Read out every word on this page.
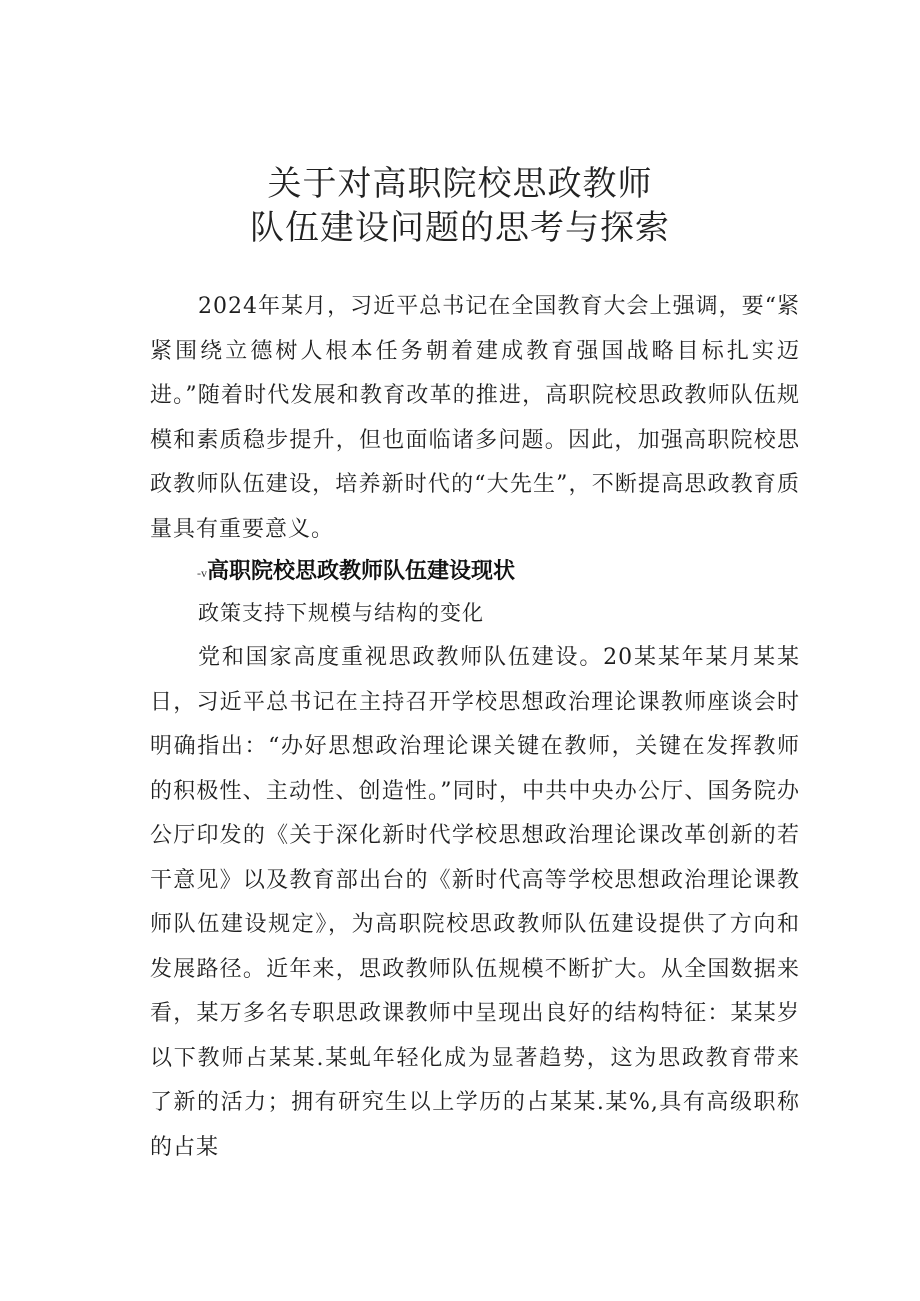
关于对高职院校思政教师
队伍建设问题的思考与探索

2024年某月，习近平总书记在全国教育大会上强调，要“紧紧围绕立德树人根本任务朝着建成教育强国战略目标扎实迈进。”随着时代发展和教育改革的推进，高职院校思政教师队伍规模和素质稳步提升，但也面临诸多问题。因此，加强高职院校思政教师队伍建设，培养新时代的“大先生”，不断提高思政教育质量具有重要意义。

-v高职院校思政教师队伍建设现状
政策支持下规模与结构的变化

党和国家高度重视思政教师队伍建设。20某某年某月某某日，习近平总书记在主持召开学校思想政治理论课教师座谈会时明确指出：“办好思想政治理论课关键在教师，关键在发挥教师的积极性、主动性、创造性。”同时，中共中央办公厅、国务院办公厅印发的《关于深化新时代学校思想政治理论课改革创新的若干意见》以及教育部出台的《新时代高等学校思想政治理论课教师队伍建设规定》，为高职院校思政教师队伍建设提供了方向和发展路径。近年来，思政教师队伍规模不断扩大。从全国数据来看，某万多名专职思政课教师中呈现出良好的结构特征：某某岁以下教师占某某.某虬年轻化成为显著趋势，这为思政教育带来了新的活力；拥有研究生以上学历的占某某.某%,具有高级职称的占某
